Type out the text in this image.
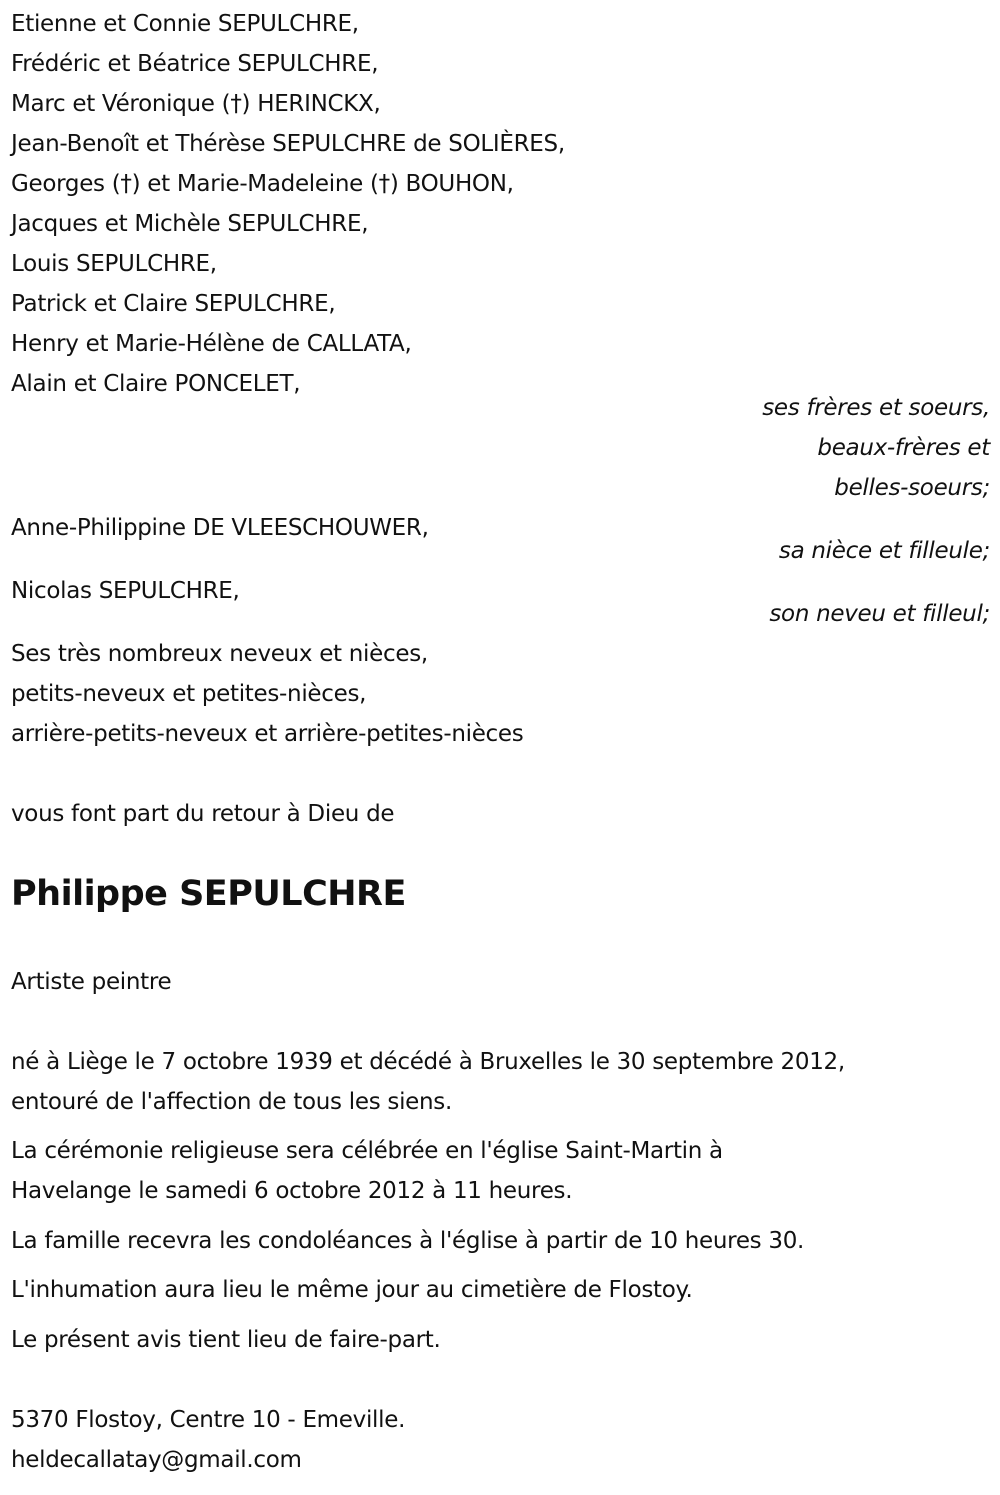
Etienne et Connie SEPULCHRE,
Frédéric et Béatrice SEPULCHRE,
Marc et Véronique (†) HERINCKX,
Jean-Benoît et Thérèse SEPULCHRE de SOLIÈRES,
Georges (†) et Marie-Madeleine (†) BOUHON,
Jacques et Michèle SEPULCHRE,
Louis SEPULCHRE,
Patrick et Claire SEPULCHRE,
Henry et Marie-Hélène de CALLATA,
Alain et Claire PONCELET,
ses frères et soeurs,
beaux-frères et
belles-soeurs;
Anne-Philippine DE VLEESCHOUWER,
sa nièce et filleule;
Nicolas SEPULCHRE,
son neveu et filleul;
Ses très nombreux neveux et nièces,
petits-neveux et petites-nièces,
arrière-petits-neveux et arrière-petites-nièces
vous font part du retour à Dieu de
Philippe SEPULCHRE
Artiste peintre
né à Liège le 7 octobre 1939 et décédé à Bruxelles le 30 septembre 2012,
entouré de l'affection de tous les siens.
La cérémonie religieuse sera célébrée en l'église Saint-Martin à
Havelange le samedi 6 octobre 2012 à 11 heures.
La famille recevra les condoléances à l'église à partir de 10 heures 30.
L'inhumation aura lieu le même jour au cimetière de Flostoy.
Le présent avis tient lieu de faire-part.
5370 Flostoy, Centre 10 - Emeville.
heldecallatay@gmail.com
